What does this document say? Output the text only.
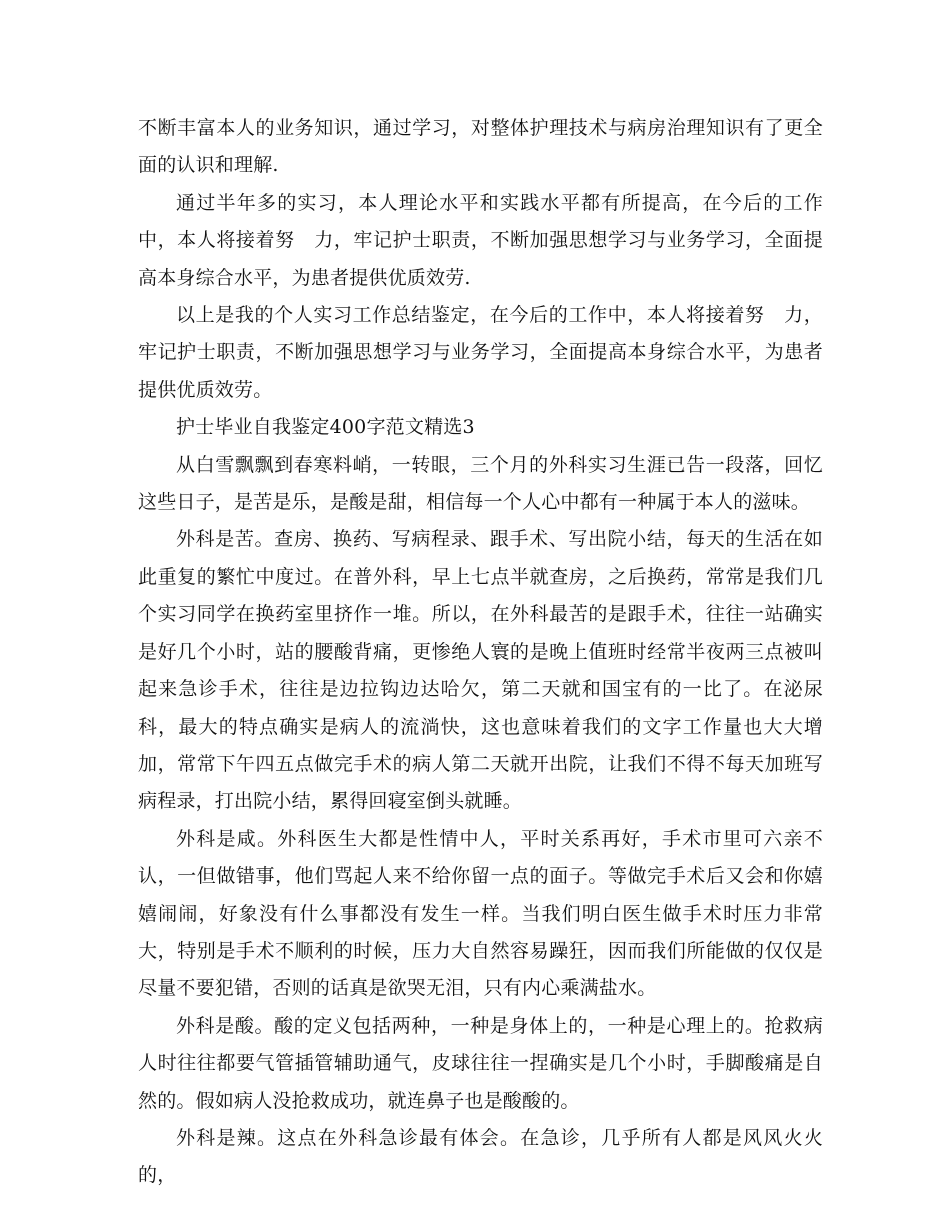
不断丰富本人的业务知识，通过学习，对整体护理技术与病房治理知识有了更全面的认识和理解.

通过半年多的实习，本人理论水平和实践水平都有所提高，在今后的工作中，本人将接着努　力，牢记护士职责，不断加强思想学习与业务学习，全面提高本身综合水平，为患者提供优质效劳.

以上是我的个人实习工作总结鉴定，在今后的工作中，本人将接着努　力，牢记护士职责，不断加强思想学习与业务学习，全面提高本身综合水平，为患者提供优质效劳。

护士毕业自我鉴定400字范文精选3

从白雪飘飘到春寒料峭，一转眼，三个月的外科实习生涯已告一段落，回忆这些日子，是苦是乐，是酸是甜，相信每一个人心中都有一种属于本人的滋味。

外科是苦。查房、换药、写病程录、跟手术、写出院小结，每天的生活在如此重复的繁忙中度过。在普外科，早上七点半就查房，之后换药，常常是我们几个实习同学在换药室里挤作一堆。所以，在外科最苦的是跟手术，往往一站确实是好几个小时，站的腰酸背痛，更惨绝人寰的是晚上值班时经常半夜两三点被叫起来急诊手术，往往是边拉钩边达哈欠，第二天就和国宝有的一比了。在泌尿科，最大的特点确实是病人的流淌快，这也意味着我们的文字工作量也大大增加，常常下午四五点做完手术的病人第二天就开出院，让我们不得不每天加班写病程录，打出院小结，累得回寝室倒头就睡。

外科是咸。外科医生大都是性情中人，平时关系再好，手术市里可六亲不认，一但做错事，他们骂起人来不给你留一点的面子。等做完手术后又会和你嬉嬉闹闹，好象没有什么事都没有发生一样。当我们明白医生做手术时压力非常大，特别是手术不顺利的时候，压力大自然容易躁狂，因而我们所能做的仅仅是尽量不要犯错，否则的话真是欲哭无泪，只有内心乘满盐水。

外科是酸。酸的定义包括两种，一种是身体上的，一种是心理上的。抢救病人时往往都要气管插管辅助通气，皮球往往一捏确实是几个小时，手脚酸痛是自然的。假如病人没抢救成功，就连鼻子也是酸酸的。

外科是辣。这点在外科急诊最有体会。在急诊，几乎所有人都是风风火火的，
